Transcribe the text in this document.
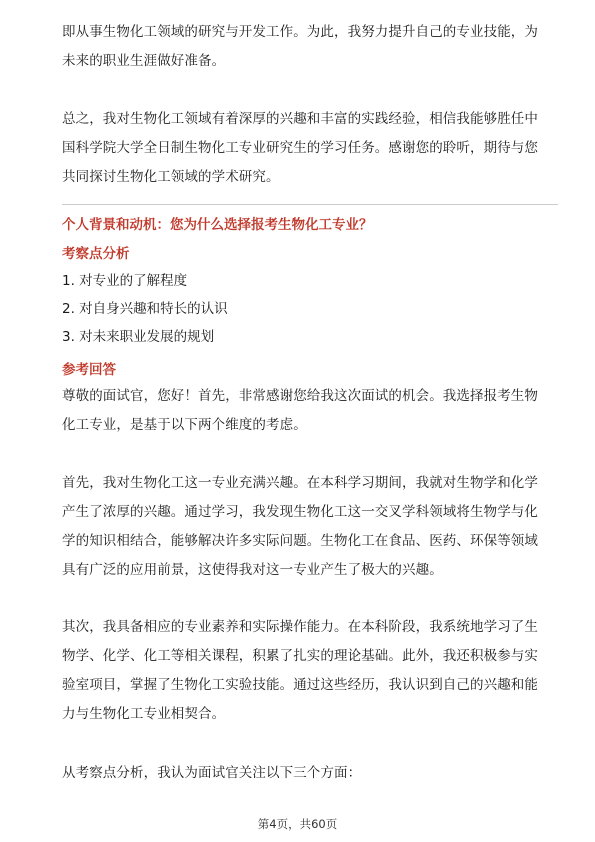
即从事生物化工领域的研究与开发工作。为此，我努力提升自己的专业技能，为未来的职业生涯做好准备。

总之，我对生物化工领域有着深厚的兴趣和丰富的实践经验，相信我能够胜任中国科学院大学全日制生物化工专业研究生的学习任务。感谢您的聆听，期待与您共同探讨生物化工领域的学术研究。

个人背景和动机：您为什么选择报考生物化工专业？

考察点分析

1. 对专业的了解程度

2. 对自身兴趣和特长的认识

3. 对未来职业发展的规划

参考回答

尊敬的面试官，您好！首先，非常感谢您给我这次面试的机会。我选择报考生物化工专业，是基于以下两个维度的考虑。

首先，我对生物化工这一专业充满兴趣。在本科学习期间，我就对生物学和化学产生了浓厚的兴趣。通过学习，我发现生物化工这一交叉学科领域将生物学与化学的知识相结合，能够解决许多实际问题。生物化工在食品、医药、环保等领域具有广泛的应用前景，这使得我对这一专业产生了极大的兴趣。

其次，我具备相应的专业素养和实际操作能力。在本科阶段，我系统地学习了生物学、化学、化工等相关课程，积累了扎实的理论基础。此外，我还积极参与实验室项目，掌握了生物化工实验技能。通过这些经历，我认识到自己的兴趣和能力与生物化工专业相契合。

从考察点分析，我认为面试官关注以下三个方面：

第4页，共60页
